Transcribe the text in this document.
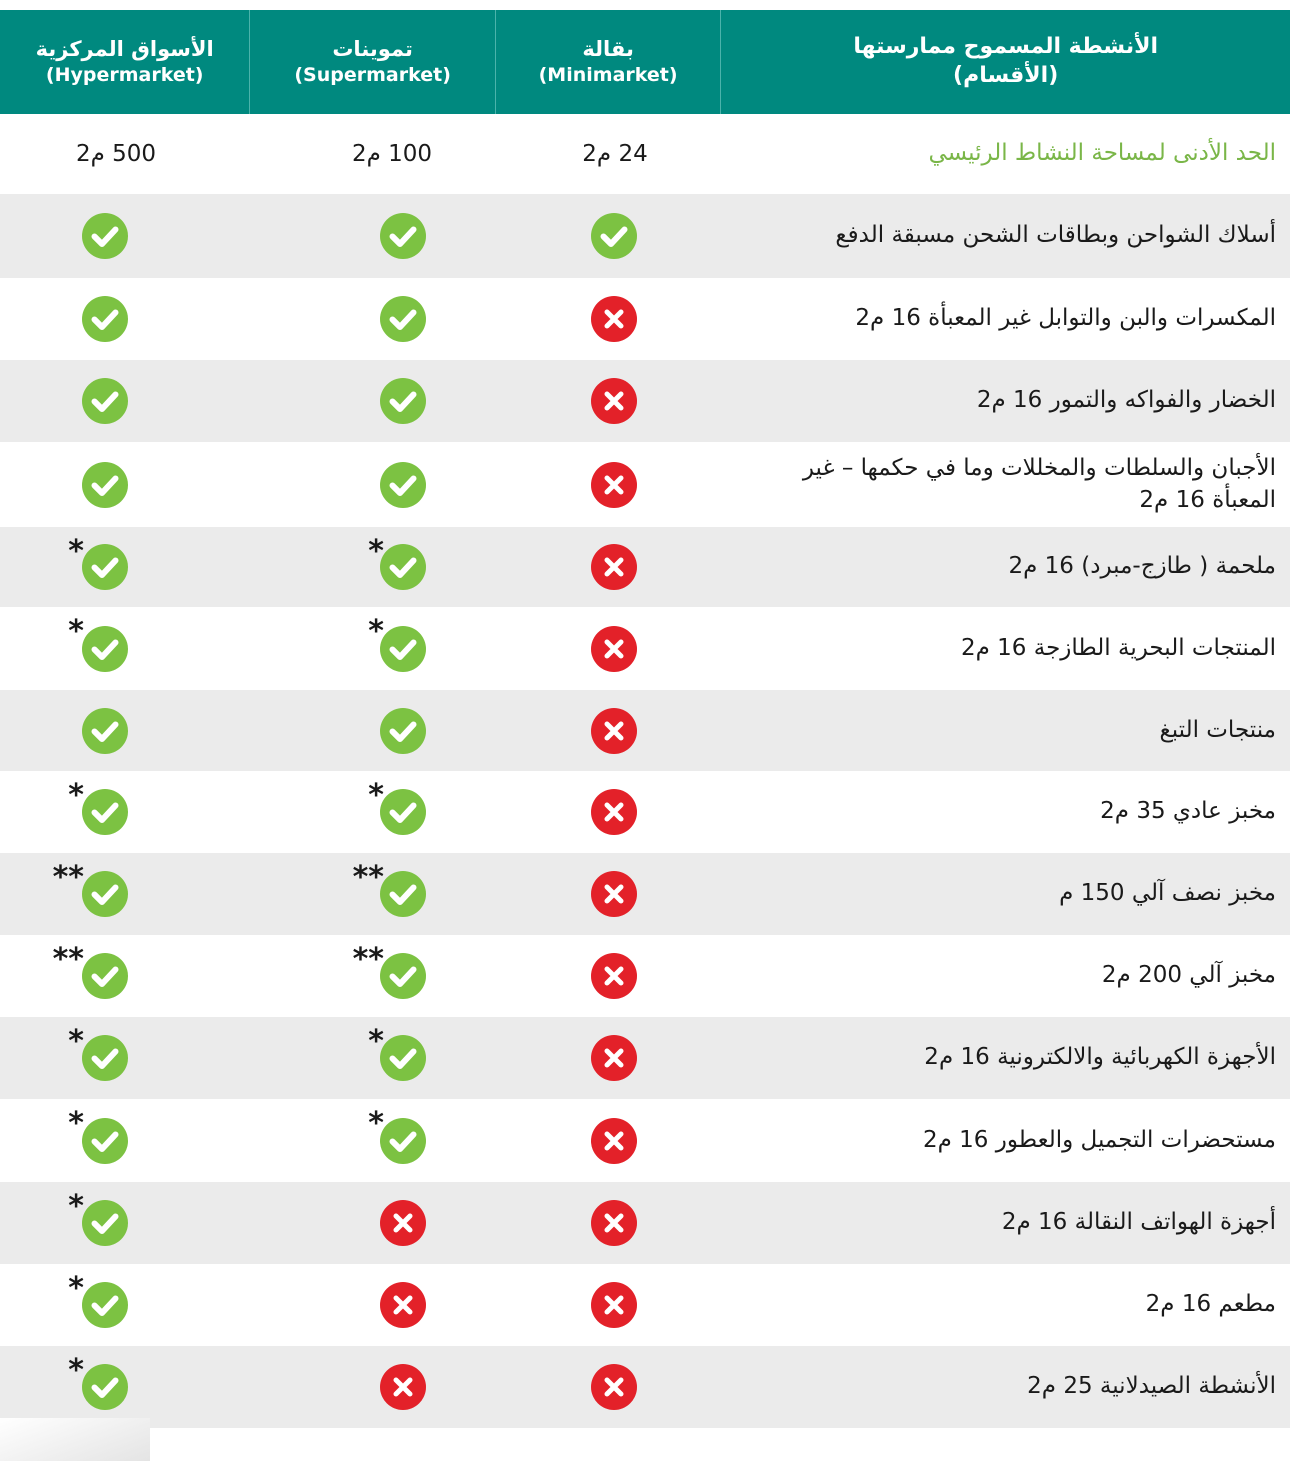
الأنشطة المسموح ممارستها
(الأقسام)
بقالة
(Minimarket)
تموينات
(Supermarket)
الأسواق المركزية
(Hypermarket)
الحد الأدنى لمساحة النشاط الرئيسي
24 م2
100 م2
500 م2
أسلاك الشواحن وبطاقات الشحن مسبقة الدفع
المكسرات والبن والتوابل غير المعبأة 16 م2
الخضار والفواكه والتمور 16 م2
الأجبان والسلطات والمخللات وما في حكمها – غير المعبأة 16 م2
ملحمة ( طازج-مبرد) 16 م2
*
*
المنتجات البحرية الطازجة 16 م2
*
*
منتجات التبغ
مخبز عادي 35 م2
*
*
مخبز نصف آلي 150 م
**
**
مخبز آلي 200 م2
**
**
الأجهزة الكهربائية والالكترونية 16 م2
*
*
مستحضرات التجميل والعطور 16 م2
*
*
أجهزة الهواتف النقالة 16 م2
*
مطعم 16 م2
*
الأنشطة الصيدلانية 25 م2
*
